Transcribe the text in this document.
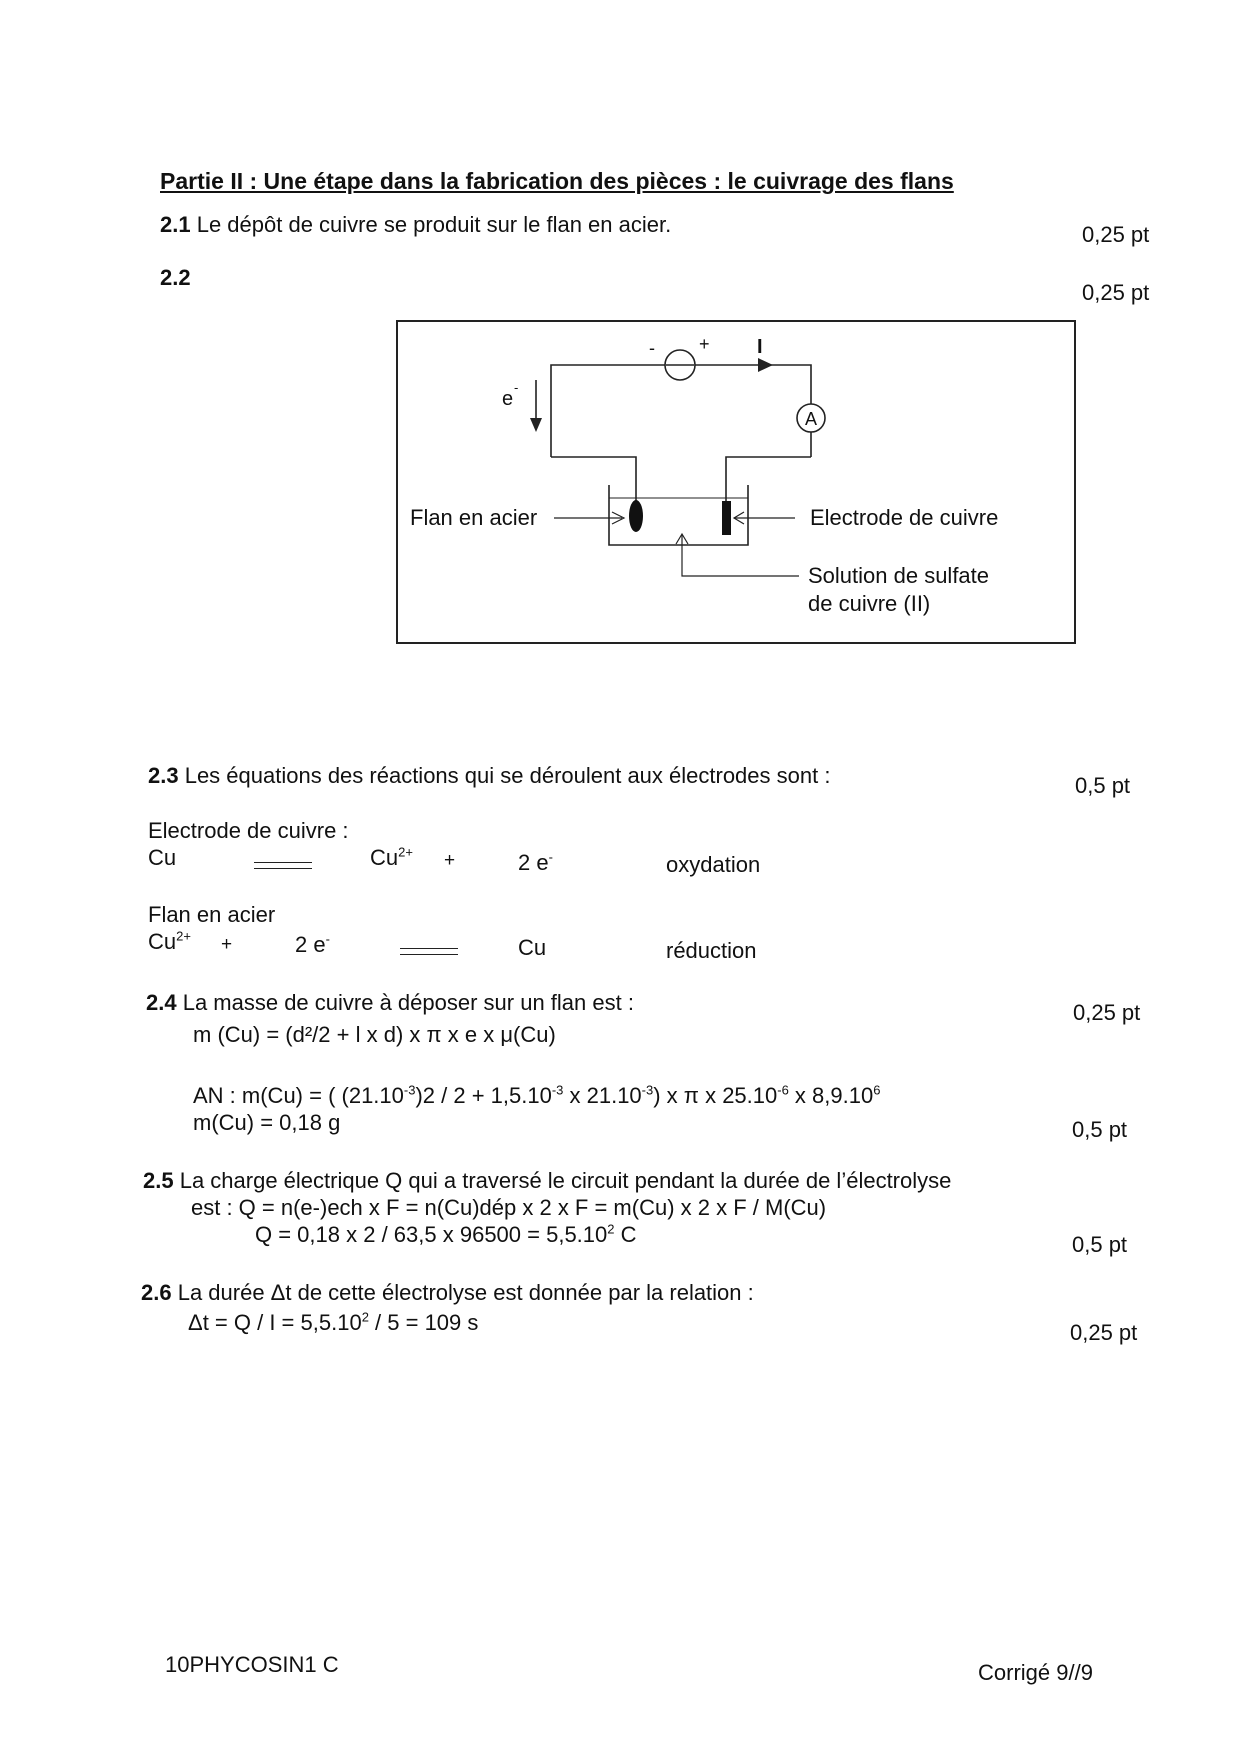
Partie II : Une étape dans la fabrication des pièces : le cuivrage des flans
2.1 Le dépôt de cuivre se produit sur le flan en acier.	0,25 pt
2.2
0,25 pt
- + I
e
-
A
Flan en acier	Electrode de cuivre
Solution de sulfate
de cuivre (II)
2.3 Les équations des réactions qui se déroulent aux électrodes sont :	0,5 pt
Electrode de cuivre :
Cu	$Cu^{2+}$ +	2 e-	oxydation
Flan en acier
$Cu^{2+}$ +	2 e-	Cu	réduction
2.4 La masse de cuivre à déposer sur un flan est :	0,25 pt
m (Cu) = (d²/2 + l x d) x π x e x μ(Cu)
AN : m(Cu) = ( $(21.10^{-3})2 / 2 + 1,5.10^{-3}$ x $21.10^{-3}$) x π x $25.10^{-6}$ x 8,9.10$^6$
m(Cu) = 0,18 g	0,5 pt
2.5 La charge électrique Q qui a traversé le circuit pendant la durée de l’électrolyse
est : Q = n(e-)ech x F = n(Cu)dép x 2 x F = m(Cu) x 2 x F / M(Cu)
Q = 0,18 x 2 / 63,5 x $96500 = 5,5.10^2$ C	0,5 pt
2.6 La durée Δt de cette électrolyse est donnée par la relation :
$\Delta t = Q / I = 5,5.10^2 / 5 = 109$ s	0,25 pt
10PHYCOSIN1 C	Corrigé 9//9
